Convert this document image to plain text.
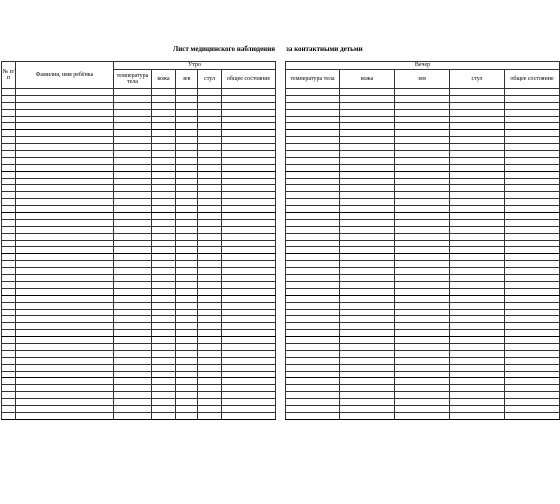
Лист медицинского наблюдения за контактными детьми
№ п/п	Фамилия, имя ребёнка	Утро				
		температура тела	кожа	зев	стул	общее состояние

Вечер				
температура тела	кожа	зев	стул	общее состояние
